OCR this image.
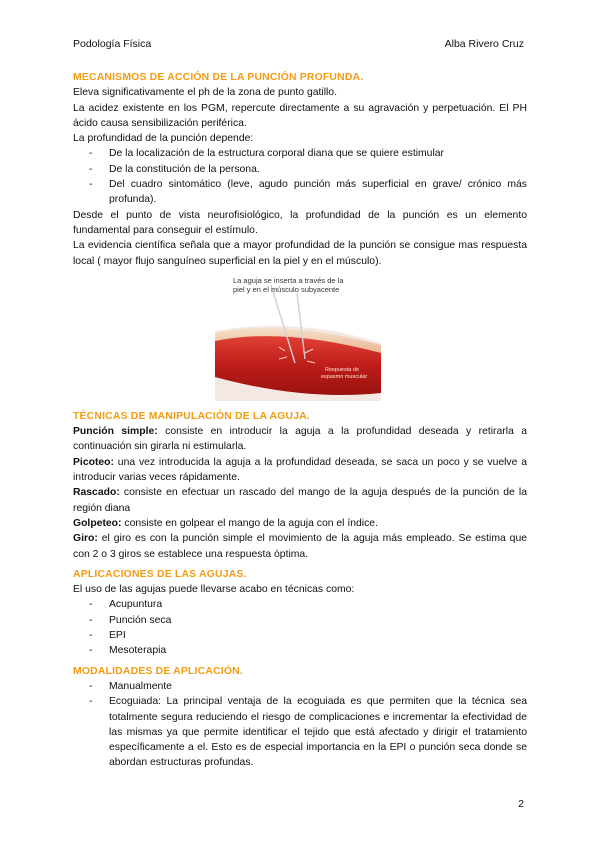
Podología Física	Alba Rivero Cruz
MECANISMOS DE ACCIÓN DE LA PUNCIÓN PROFUNDA.

Eleva significativamente el ph de la zona de punto gatillo.

La acidez existente en los PGM, repercute directamente a su agravación y perpetuación. El PH ácido causa sensibilización periférica.

La profundidad de la punción depende:

- De la localización de la estructura corporal diana que se quiere estimular
- De la constitución de la persona.
- Del cuadro sintomático (leve, agudo punción más superficial en grave/ crónico más profunda).

Desde el punto de vista neurofisiológico, la profundidad de la punción es un elemento fundamental para conseguir el estímulo.

La evidencia científica señala que a mayor profundidad de la punción se consigue mas respuesta local ( mayor flujo sanguíneo superficial en la piel y en el músculo).

La aguja se inserta a través de la
piel y en el músculo subyacente
Respuesta de
espasmo muscular
TÉCNICAS DE MANIPULACIÓN DE LA AGUJA.

Punción simple: consiste en introducir la aguja a la profundidad deseada y retirarla a continuación sin girarla ni estimularla.

Picoteo: una vez introducida la aguja a la profundidad deseada, se saca un poco y se vuelve a introducir varias veces rápidamente.

Rascado: consiste en efectuar un rascado del mango de la aguja después de la punción de la región diana

Golpeteo: consiste en golpear el mango de la aguja con el índice.

Giro: el giro es con la punción simple el movimiento de la aguja más empleado. Se estima que con 2 o 3 giros se establece una respuesta óptima.

APLICACIONES DE LAS AGUJAS.

El uso de las agujas puede llevarse acabo en técnicas como:

- Acupuntura
- Punción seca
- EPI
- Mesoterapia
MODALIDADES DE APLICACIÓN.
- Manualmente
- Ecoguiada: La principal ventaja de la ecoguiada es que permiten que la técnica sea totalmente segura reduciendo el riesgo de complicaciones e incrementar la efectividad de las mismas ya que permite identificar el tejido que está afectado y dirigir el tratamiento específicamente a el. Esto es de especial importancia en la EPI o punción seca donde se abordan estructuras profundas.
2
